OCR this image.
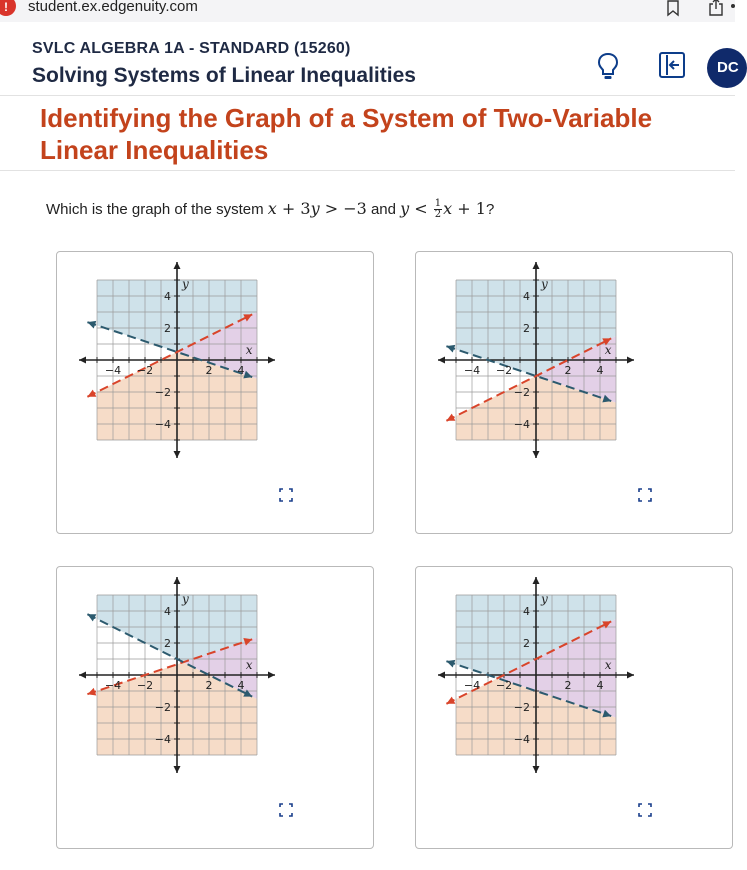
!	student.ex.edgenuity.com
SVLC ALGEBRA 1A - STANDARD (15260)
Solving Systems of Linear Inequalities	DC
Identifying the Graph of a System of Two-Variable Linear Inequalities
Which is the graph of the system x + 3y > −3 and $y < \frac{1}{2}$ x + 1?
−4 −2	2 4
4
2
−2
−4
x
y
−4 −2	2 4
4
2
−2
−4
x
y
−4 −2	2 4
4
2
−2
−4
x
y
−4 −2	2 4
4
2
−2
−4
x
y
